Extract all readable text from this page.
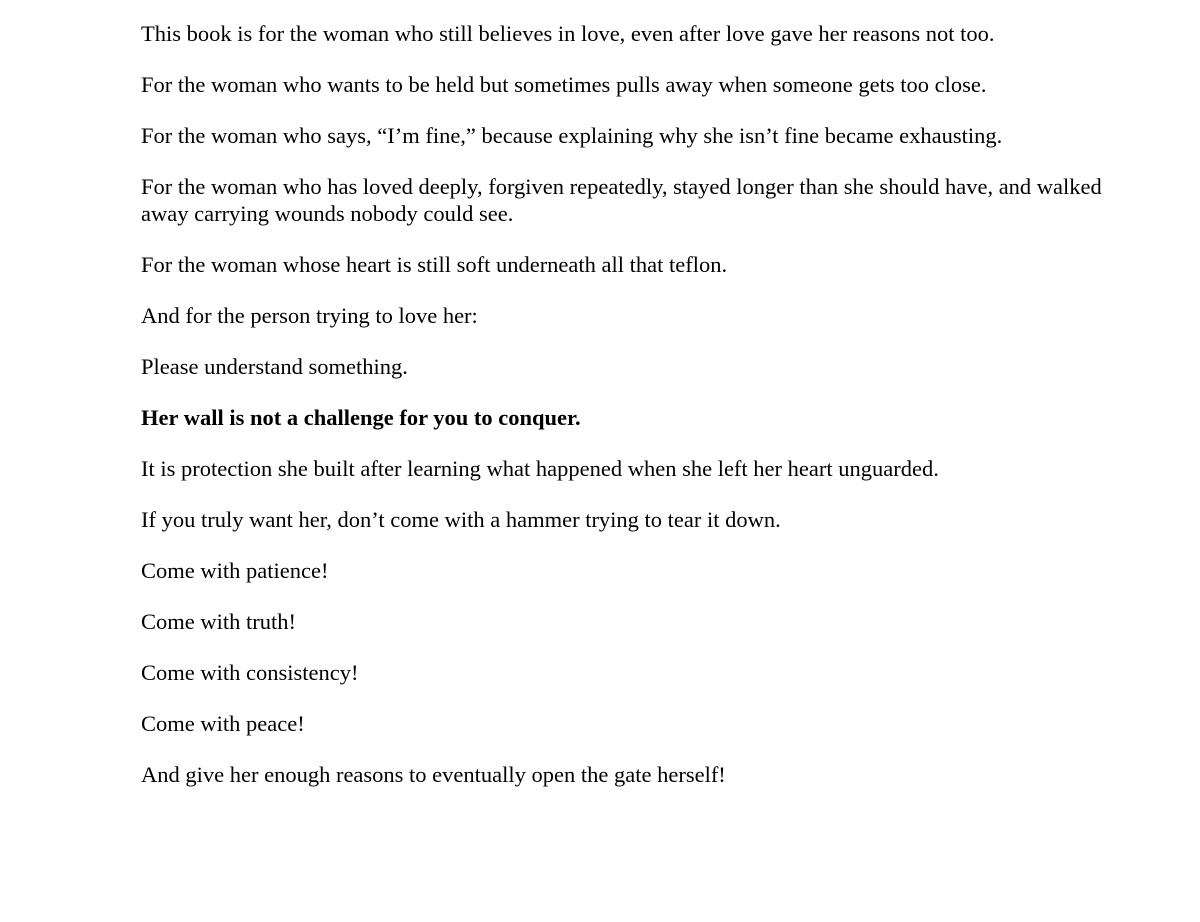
This book is for the woman who still believes in love, even after love gave her reasons not too.

For the woman who wants to be held but sometimes pulls away when someone gets too close.

For the woman who says, “I’m fine,” because explaining why she isn’t fine became exhausting.

For the woman who has loved deeply, forgiven repeatedly, stayed longer than she should have, and walked away carrying wounds nobody could see.

For the woman whose heart is still soft underneath all that teflon.

And for the person trying to love her:

Please understand something.

Her wall is not a challenge for you to conquer.

It is protection she built after learning what happened when she left her heart unguarded.

If you truly want her, don’t come with a hammer trying to tear it down.

Come with patience!

Come with truth!

Come with consistency!

Come with peace!

And give her enough reasons to eventually open the gate herself!
